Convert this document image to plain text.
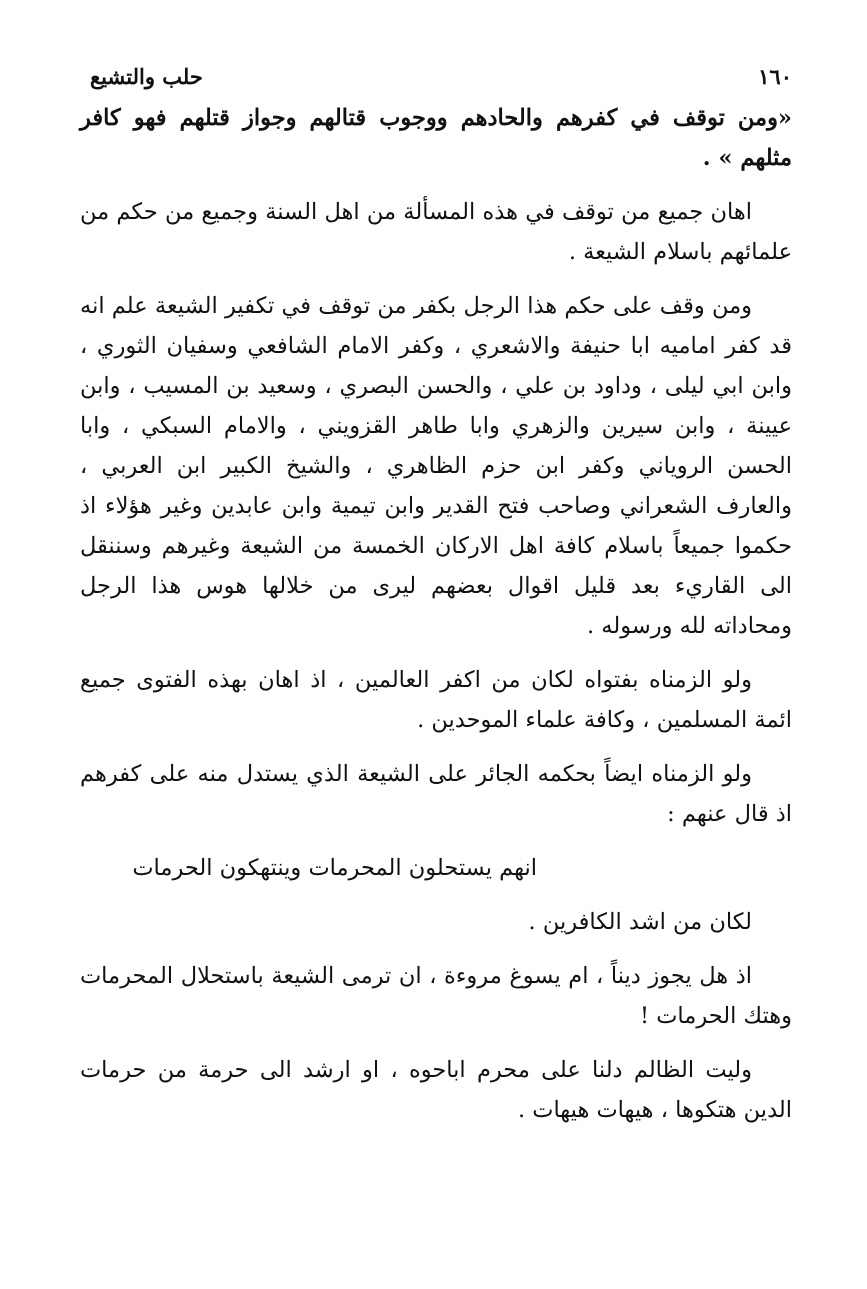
١٦٠
حلب والتشيع

«ومن توقف في كفرهم والحادهم ووجوب قتالهم وجواز قتلهم فهو كافر مثلهم » .

اهان جميع من توقف في هذه المسألة من اهل السنة وجميع من حكم من علمائهم باسلام الشيعة .

ومن وقف على حكم هذا الرجل بكفر من توقف في تكفير الشيعة علم انه قد كفر اماميه ابا حنيفة والاشعري ، وكفر الامام الشافعي وسفيان الثوري ، وابن ابي ليلى ، وداود بن علي ، والحسن البصري ، وسعيد بن المسيب ، وابن عيينة ، وابن سيرين والزهري وابا طاهر القزويني ، والامام السبكي ، وابا الحسن الروياني وكفر ابن حزم الظاهري ، والشيخ الكبير ابن العربي ، والعارف الشعراني وصاحب فتح القدير وابن تيمية وابن عابدين وغير هؤلاء اذ حكموا جميعاً باسلام كافة اهل الاركان الخمسة من الشيعة وغيرهم وسننقل الى القاريء بعد قليل اقوال بعضهم ليرى من خلالها هوس هذا الرجل ومحاداته لله ورسوله .

ولو الزمناه بفتواه لكان من اكفر العالمين ، اذ اهان بهذه الفتوى جميع ائمة المسلمين ، وكافة علماء الموحدين .

ولو الزمناه ايضاً بحكمه الجائر على الشيعة الذي يستدل منه على كفرهم اذ قال عنهم :

انهم يستحلون المحرمات وينتهكون الحرمات

لكان من اشد الكافرين .

اذ هل يجوز ديناً ، ام يسوغ مروءة ، ان ترمى الشيعة باستحلال المحرمات وهتك الحرمات !

وليت الظالم دلنا على محرم اباحوه ، او ارشد الى حرمة من حرمات الدين هتكوها ، هيهات هيهات .
